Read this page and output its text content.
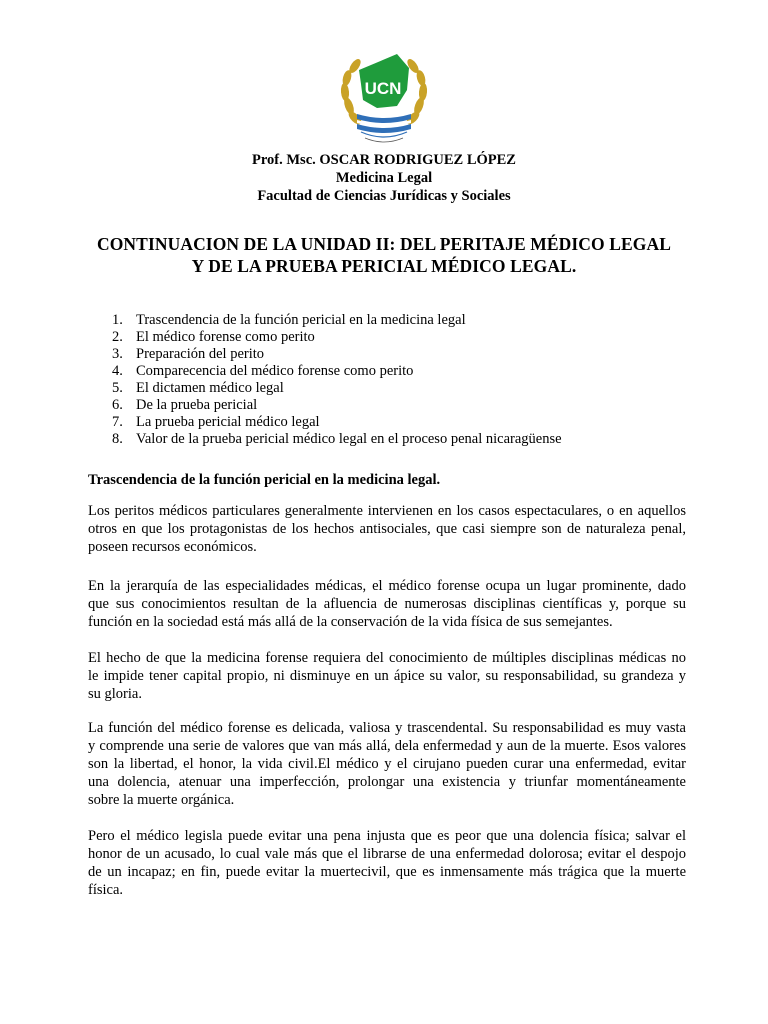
UCN
Prof. Msc. OSCAR RODRIGUEZ LÓPEZ
Medicina Legal
Facultad de Ciencias Jurídicas y Sociales
CONTINUACION DE LA UNIDAD II: DEL PERITAJE MÉDICO LEGAL
Y DE LA PRUEBA PERICIAL MÉDICO LEGAL.
1. Trascendencia de la función pericial en la medicina legal
2. El médico forense como perito
3. Preparación del perito
4. Comparecencia del médico forense como perito
5. El dictamen médico legal
6. De la prueba pericial
7. La prueba pericial médico legal
8. Valor de la prueba pericial médico legal en el proceso penal nicaragüense
Trascendencia de la función pericial en la medicina legal.
Los peritos médicos particulares generalmente intervienen en los casos espectaculares, o en aquellos
otros en que los protagonistas de los hechos antisociales, que casi siempre son de naturaleza penal,
poseen recursos económicos.
En la jerarquía de las especialidades médicas, el médico forense ocupa un lugar prominente, dado
que sus conocimientos resultan de la afluencia de numerosas disciplinas científicas y, porque su
función en la sociedad está más allá de la conservación de la vida física de sus semejantes.
El hecho de que la medicina forense requiera del conocimiento de múltiples disciplinas médicas no
le impide tener capital propio, ni disminuye en un ápice su valor, su responsabilidad, su grandeza y
su gloria.
La función del médico forense es delicada, valiosa y trascendental. Su responsabilidad es muy vasta
y comprende una serie de valores que van más allá, dela enfermedad y aun de la muerte. Esos valores
son la libertad, el honor, la vida civil.El médico y el cirujano pueden curar una enfermedad, evitar
una dolencia, atenuar una imperfección, prolongar una existencia y triunfar momentáneamente
sobre la muerte orgánica.
Pero el médico legisla puede evitar una pena injusta que es peor que una dolencia física; salvar el
honor de un acusado, lo cual vale más que el librarse de una enfermedad dolorosa; evitar el despojo
de un incapaz; en fin, puede evitar la muertecivil, que es inmensamente más trágica que la muerte
física.
